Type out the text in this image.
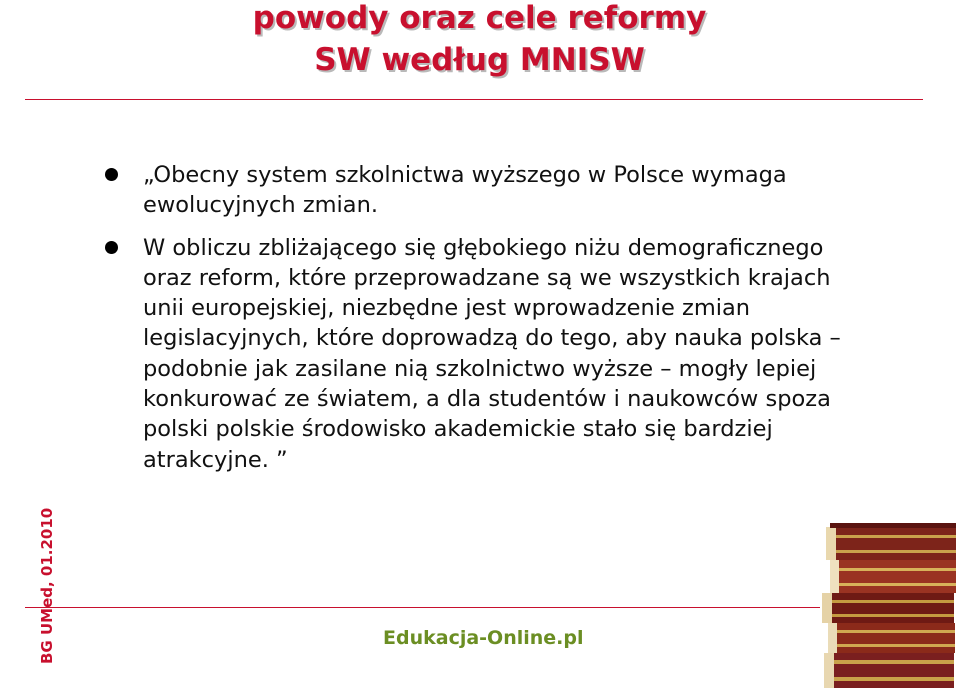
powody oraz cele reformy
SW według MNISW
„Obecny system szkolnictwa wyższego w Polsce wymaga ewolucyjnych zmian.
W obliczu zbliżającego się głębokiego niżu demograficznego oraz reform, które przeprowadzane są we wszystkich krajach unii europejskiej, niezbędne jest wprowadzenie zmian legislacyjnych, które doprowadzą do tego, aby nauka polska – podobnie jak zasilane nią szkolnictwo wyższe – mogły lepiej konkurować ze światem, a dla studentów i naukowców spoza polski polskie środowisko akademickie stało się bardziej atrakcyjne. ”
BG UMed, 01.2010	Edukacja-Online.pl
